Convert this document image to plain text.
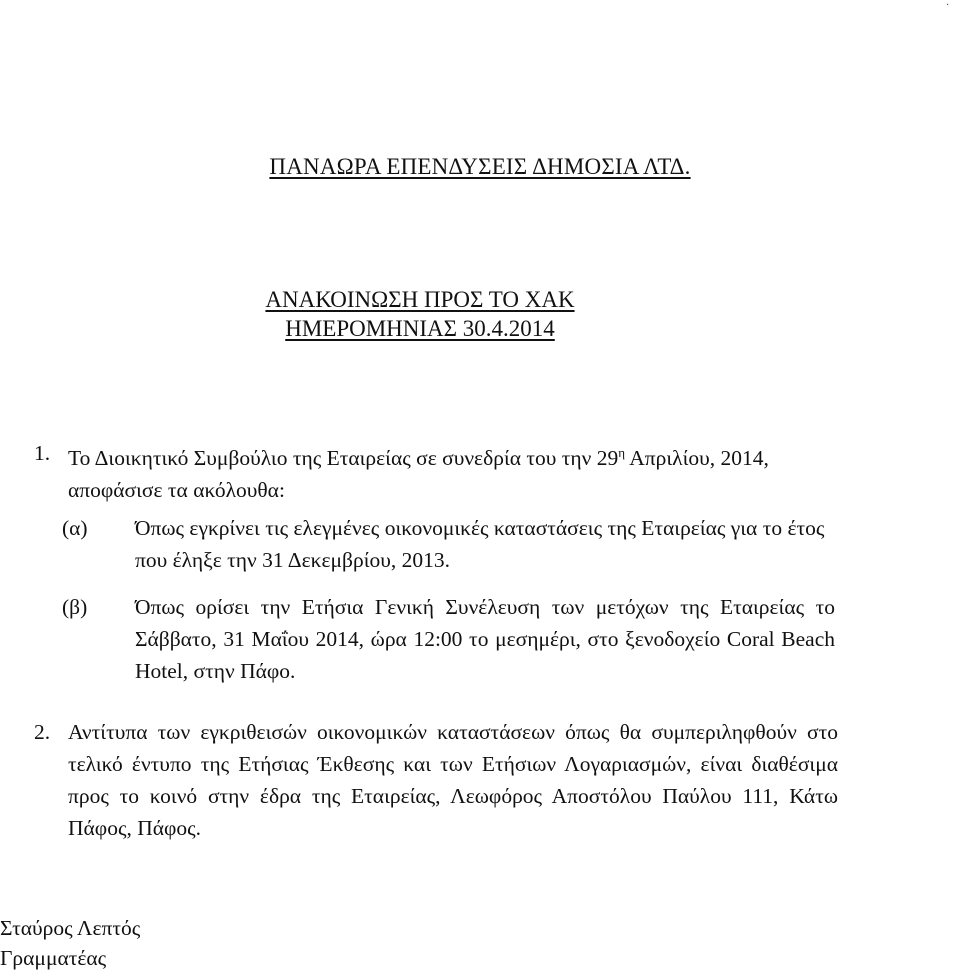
·
ΠΑΝΑΩΡΑ ΕΠΕΝΔΥΣΕΙΣ ΔΗΜΟΣΙΑ ΛΤΔ.
ΑΝΑΚΟΙΝΩΣΗ ΠΡΟΣ ΤΟ ΧΑΚ
ΗΜΕΡΟΜΗΝΙΑΣ 30.4.2014
1. Το Διοικητικό Συμβούλιο της Εταιρείας σε συνεδρία του την $29^\eta$ Απριλίου, 2014, αποφάσισε τα ακόλουθα:
(α) Όπως εγκρίνει τις ελεγμένες οικονομικές καταστάσεις της Εταιρείας για το έτος που έληξε την 31 Δεκεμβρίου, 2013.
(β) Όπως ορίσει την Ετήσια Γενική Συνέλευση των μετόχων της Εταιρείας το Σάββατο, 31 Μαΐου 2014, ώρα 12:00 το μεσημέρι, στο ξενοδοχείο Coral Beach Hotel, στην Πάφο.
2. Αντίτυπα των εγκριθεισών οικονομικών καταστάσεων όπως θα συμπεριληφθούν στο τελικό έντυπο της Ετήσιας Έκθεσης και των Ετήσιων Λογαριασμών, είναι διαθέσιμα προς το κοινό στην έδρα της Εταιρείας, Λεωφόρος Αποστόλου Παύλου 111, Κάτω Πάφος, Πάφος.
Σταύρος Λεπτός
Γραμματέας
